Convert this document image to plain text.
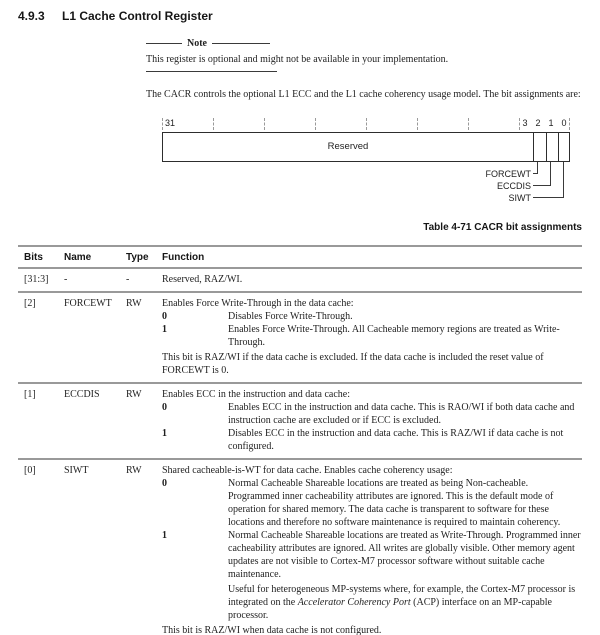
4.9.3	L1 Cache Control Register
Note
This register is optional and might not be available in your implementation.
The CACR controls the optional L1 ECC and the L1 cache coherency usage model. The bit assignments are:
31	3 2 1 0
Reserved
FORCEWT
ECCDIS
SIWT
Table 4-71 CACR bit assignments
Bits	Name	Type	Function
[31:3]	-	-	Reserved, RAZ/WI.
[2]	FORCEWT	RW	Enables Force Write-Through in the data cache:
0	Disables Force Write-Through.
1	Enables Force Write-Through. All Cacheable memory regions are treated as Write-Through.
This bit is RAZ/WI if the data cache is excluded. If the data cache is included the reset value of FORCEWT is 0.
[1]	ECCDIS	RW	Enables ECC in the instruction and data cache:
0	Enables ECC in the instruction and data cache. This is RAO/WI if both data cache and instruction cache are excluded or if ECC is excluded.
1	Disables ECC in the instruction and data cache. This is RAZ/WI if data cache is not configured.
[0]	SIWT	RW	Shared cacheable-is-WT for data cache. Enables cache coherency usage:
0	Normal Cacheable Shareable locations are treated as being Non-cacheable. Programmed inner cacheability attributes are ignored. This is the default mode of operation for shared memory. The data cache is transparent to software for these locations and therefore no software maintenance is required to maintain coherency.
1	Normal Cacheable Shareable locations are treated as Write-Through. Programmed inner cacheability attributes are ignored. All writes are globally visible. Other memory agent updates are not visible to Cortex-M7 processor software without suitable cache maintenance.
Useful for heterogeneous MP-systems where, for example, the Cortex-M7 processor is integrated on the Accelerator Coherency Port (ACP) interface on an MP-capable processor.
This bit is RAZ/WI when data cache is not configured.
